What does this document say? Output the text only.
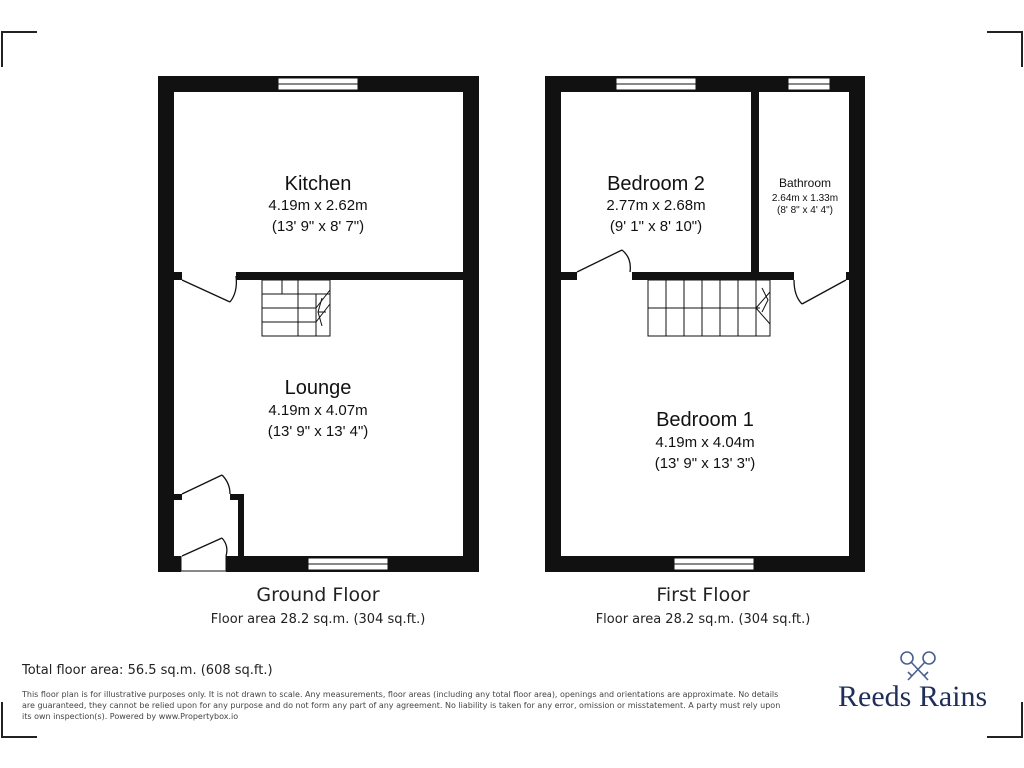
Kitchen
4.19m x 2.62m
(13' 9" x 8' 7")
Lounge
4.19m x 4.07m
(13' 9" x 13' 4")
Ground Floor
Floor area 28.2 sq.m. (304 sq.ft.)
Bedroom 2
2.77m x 2.68m
(9' 1" x 8' 10")
Bathroom
2.64m x 1.33m
(8' 8" x 4' 4")
Bedroom 1
4.19m x 4.04m
(13' 9" x 13' 3")
First Floor
Floor area 28.2 sq.m. (304 sq.ft.)

Total floor area: 56.5 sq.m. (608 sq.ft.)

This floor plan is for illustrative purposes only. It is not drawn to scale. Any measurements, floor areas (including any total floor area), openings and orientations are approximate. No details are guaranteed, they cannot be relied upon for any purpose and do not form any part of any agreement. No liability is taken for any error, omission or misstatement. A party must rely upon its own inspection(s). Powered by www.Propertybox.io

Reeds Rains
